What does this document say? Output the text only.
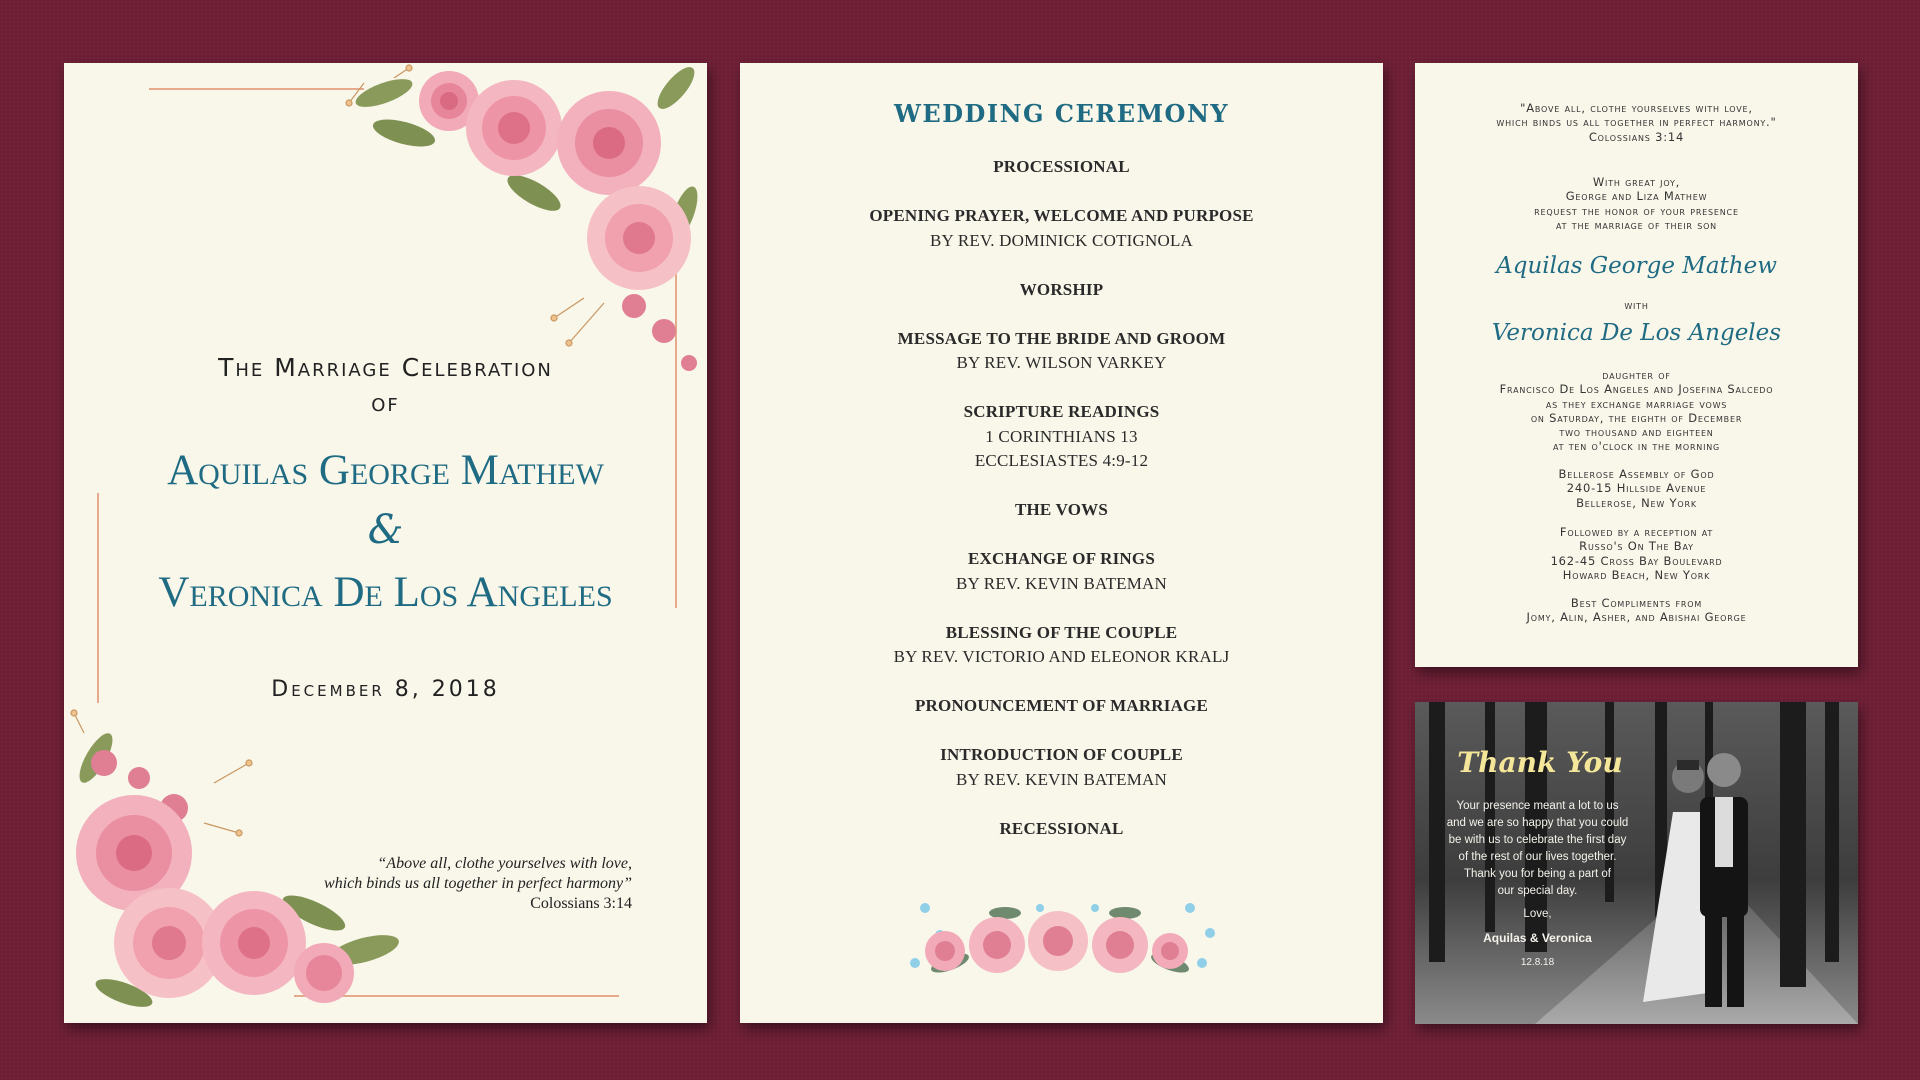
The Marriage Celebration
of
Aquilas George Mathew
&
Veronica De Los Angeles
December 8, 2018
“Above all, clothe yourselves with love,
which binds us all together in perfect harmony”
Colossians 3:14
WEDDING CEREMONY
PROCESSIONAL
OPENING PRAYER, WELCOME AND PURPOSE
BY REV. DOMINICK COTIGNOLA
WORSHIP
MESSAGE TO THE BRIDE AND GROOM
BY REV. WILSON VARKEY
SCRIPTURE READINGS
1 CORINTHIANS 13
ECCLESIASTES 4:9-12
THE VOWS
EXCHANGE OF RINGS
BY REV. KEVIN BATEMAN
BLESSING OF THE COUPLE
BY REV. VICTORIO AND ELEONOR KRALJ
PRONOUNCEMENT OF MARRIAGE
INTRODUCTION OF COUPLE
BY REV. KEVIN BATEMAN
RECESSIONAL
"Above all, clothe yourselves with love,
which binds us all together in perfect harmony."
Colossians 3:14
With great joy,
George and Liza Mathew
request the honor of your presence
at the marriage of their son
Aquilas George Mathew
with
Veronica De Los Angeles
daughter of
Francisco De Los Angeles and Josefina Salcedo
as they exchange marriage vows
on Saturday, the eighth of December
two thousand and eighteen
at ten o'clock in the morning
Bellerose Assembly of God
240-15 Hillside Avenue
Bellerose, New York
Followed by a reception at
Russo's On The Bay
162-45 Cross Bay Boulevard
Howard Beach, New York
Best Compliments from
Jomy, Alin, Asher, and Abishai George
Thank You
Your presence meant a lot to us
and we are so happy that you could
be with us to celebrate the first day
of the rest of our lives together.
Thank you for being a part of
our special day.
Love,
Aquilas & Veronica
12.8.18
